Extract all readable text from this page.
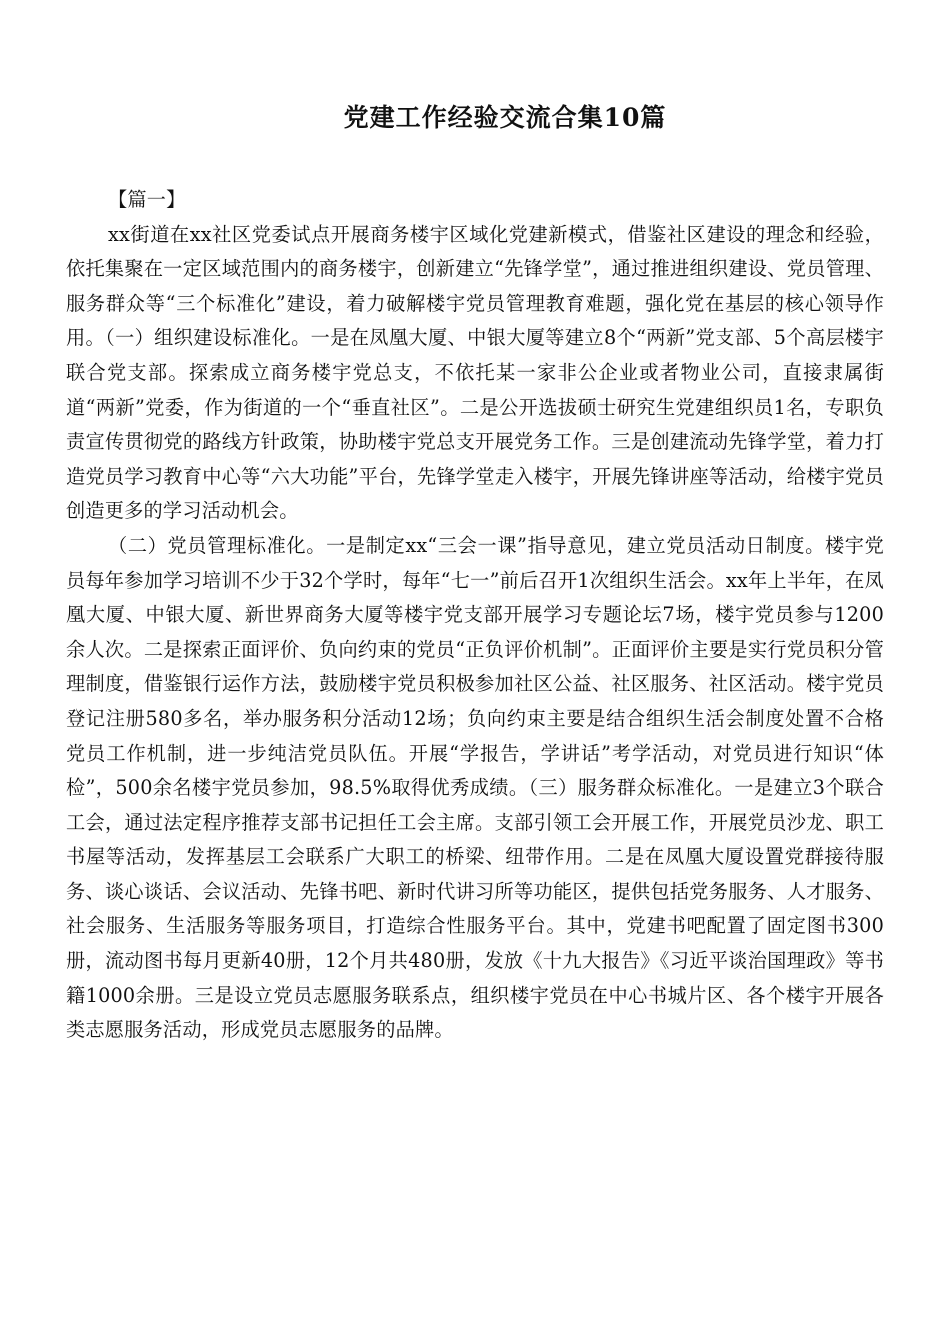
党建工作经验交流合集10篇

【篇一】

xx街道在xx社区党委试点开展商务楼宇区域化党建新模式，借鉴社区建设的理念和经验，依托集聚在一定区域范围内的商务楼宇，创新建立“先锋学堂”，通过推进组织建设、党员管理、服务群众等“三个标准化”建设，着力破解楼宇党员管理教育难题，强化党在基层的核心领导作用。（一）组织建设标准化。一是在凤凰大厦、中银大厦等建立8个“两新”党支部、5个高层楼宇联合党支部。探索成立商务楼宇党总支，不依托某一家非公企业或者物业公司，直接隶属街道“两新”党委，作为街道的一个“垂直社区”。二是公开选拔硕士研究生党建组织员1名，专职负责宣传贯彻党的路线方针政策，协助楼宇党总支开展党务工作。三是创建流动先锋学堂，着力打造党员学习教育中心等“六大功能”平台，先锋学堂走入楼宇，开展先锋讲座等活动，给楼宇党员创造更多的学习活动机会。

（二）党员管理标准化。一是制定xx“三会一课”指导意见，建立党员活动日制度。楼宇党员每年参加学习培训不少于32个学时，每年“七一”前后召开1次组织生活会。xx年上半年，在凤凰大厦、中银大厦、新世界商务大厦等楼宇党支部开展学习专题论坛7场，楼宇党员参与1200余人次。二是探索正面评价、负向约束的党员“正负评价机制”。正面评价主要是实行党员积分管理制度，借鉴银行运作方法，鼓励楼宇党员积极参加社区公益、社区服务、社区活动。楼宇党员登记注册580多名，举办服务积分活动12场；负向约束主要是结合组织生活会制度处置不合格党员工作机制，进一步纯洁党员队伍。开展“学报告，学讲话”考学活动，对党员进行知识“体检”，500余名楼宇党员参加，98.5%取得优秀成绩。（三）服务群众标准化。一是建立3个联合工会，通过法定程序推荐支部书记担任工会主席。支部引领工会开展工作，开展党员沙龙、职工书屋等活动，发挥基层工会联系广大职工的桥梁、纽带作用。二是在凤凰大厦设置党群接待服务、谈心谈话、会议活动、先锋书吧、新时代讲习所等功能区，提供包括党务服务、人才服务、社会服务、生活服务等服务项目，打造综合性服务平台。其中，党建书吧配置了固定图书300册，流动图书每月更新40册，12个月共480册，发放《十九大报告》《习近平谈治国理政》等书籍1000余册。三是设立党员志愿服务联系点，组织楼宇党员在中心书城片区、各个楼宇开展各类志愿服务活动，形成党员志愿服务的品牌。
